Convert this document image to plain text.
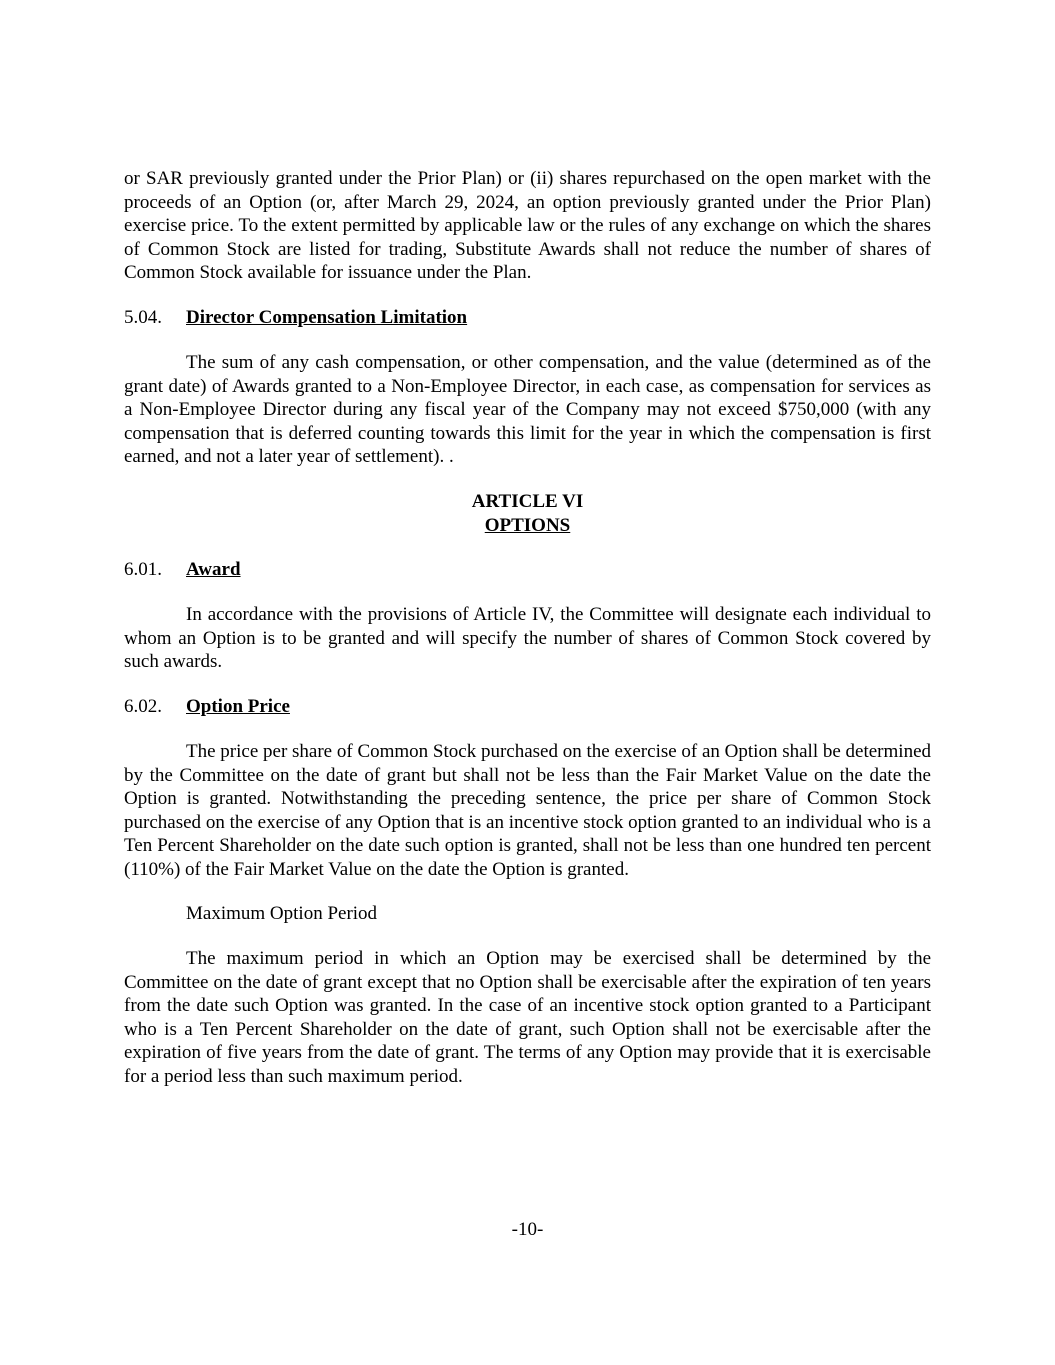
or SAR previously granted under the Prior Plan) or (ii) shares repurchased on the open market with the proceeds of an Option (or, after March 29, 2024, an option previously granted under the Prior Plan) exercise price. To the extent permitted by applicable law or the rules of any exchange on which the shares of Common Stock are listed for trading, Substitute Awards shall not reduce the number of shares of Common Stock available for issuance under the Plan.

5.04. Director Compensation Limitation

The sum of any cash compensation, or other compensation, and the value (determined as of the grant date) of Awards granted to a Non-Employee Director, in each case, as compensation for services as a Non-Employee Director during any fiscal year of the Company may not exceed $750,000 (with any compensation that is deferred counting towards this limit for the year in which the compensation is first earned, and not a later year of settlement). .

ARTICLE VI
OPTIONS
6.01. Award

In accordance with the provisions of Article IV, the Committee will designate each individual to whom an Option is to be granted and will specify the number of shares of Common Stock covered by such awards.

6.02. Option Price

The price per share of Common Stock purchased on the exercise of an Option shall be determined by the Committee on the date of grant but shall not be less than the Fair Market Value on the date the Option is granted. Notwithstanding the preceding sentence, the price per share of Common Stock purchased on the exercise of any Option that is an incentive stock option granted to an individual who is a Ten Percent Shareholder on the date such option is granted, shall not be less than one hundred ten percent (110%) of the Fair Market Value on the date the Option is granted.

Maximum Option Period

The maximum period in which an Option may be exercised shall be determined by the Committee on the date of grant except that no Option shall be exercisable after the expiration of ten years from the date such Option was granted. In the case of an incentive stock option granted to a Participant who is a Ten Percent Shareholder on the date of grant, such Option shall not be exercisable after the expiration of five years from the date of grant. The terms of any Option may provide that it is exercisable for a period less than such maximum period.

-10-
